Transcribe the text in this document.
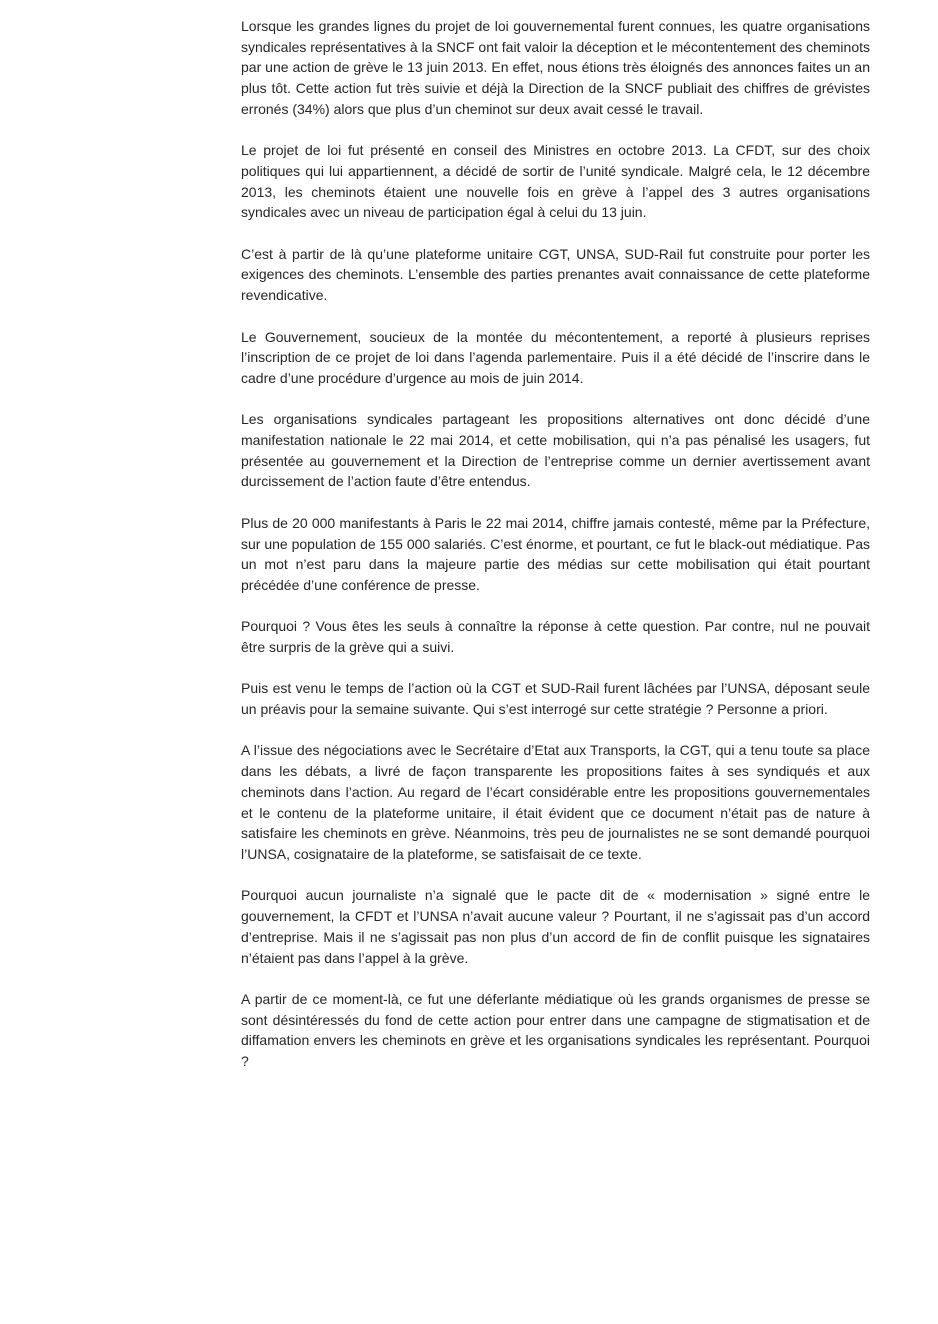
Lorsque les grandes lignes du projet de loi gouvernemental furent connues, les quatre organisations syndicales représentatives à la SNCF ont fait valoir la déception et le mécontentement des cheminots par une action de grève le 13 juin 2013. En effet, nous étions très éloignés des annonces faites un an plus tôt. Cette action fut très suivie et déjà la Direction de la SNCF publiait des chiffres de grévistes erronés (34%) alors que plus d’un cheminot sur deux avait cessé le travail.

Le projet de loi fut présenté en conseil des Ministres en octobre 2013. La CFDT, sur des choix politiques qui lui appartiennent, a décidé de sortir de l’unité syndicale. Malgré cela, le 12 décembre 2013, les cheminots étaient une nouvelle fois en grève à l’appel des 3 autres organisations syndicales avec un niveau de participation égal à celui du 13 juin.

C’est à partir de là qu’une plateforme unitaire CGT, UNSA, SUD-Rail fut construite pour porter les exigences des cheminots. L’ensemble des parties prenantes avait connaissance de cette plateforme revendicative.

Le Gouvernement, soucieux de la montée du mécontentement, a reporté à plusieurs reprises l’inscription de ce projet de loi dans l’agenda parlementaire. Puis il a été décidé de l’inscrire dans le cadre d’une procédure d’urgence au mois de juin 2014.

Les organisations syndicales partageant les propositions alternatives ont donc décidé d’une manifestation nationale le 22 mai 2014, et cette mobilisation, qui n’a pas pénalisé les usagers, fut présentée au gouvernement et la Direction de l’entreprise comme un dernier avertissement avant durcissement de l’action faute d’être entendus.

Plus de 20 000 manifestants à Paris le 22 mai 2014, chiffre jamais contesté, même par la Préfecture, sur une population de 155 000 salariés. C’est énorme, et pourtant, ce fut le black-out médiatique. Pas un mot n’est paru dans la majeure partie des médias sur cette mobilisation qui était pourtant précédée d’une conférence de presse.

Pourquoi ? Vous êtes les seuls à connaître la réponse à cette question. Par contre, nul ne pouvait être surpris de la grève qui a suivi.

Puis est venu le temps de l’action où la CGT et SUD-Rail furent lâchées par l’UNSA, déposant seule un préavis pour la semaine suivante. Qui s’est interrogé sur cette stratégie ? Personne a priori.

A l’issue des négociations avec le Secrétaire d’Etat aux Transports, la CGT, qui a tenu toute sa place dans les débats, a livré de façon transparente les propositions faites à ses syndiqués et aux cheminots dans l’action. Au regard de l’écart considérable entre les propositions gouvernementales et le contenu de la plateforme unitaire, il était évident que ce document n’était pas de nature à satisfaire les cheminots en grève. Néanmoins, très peu de journalistes ne se sont demandé pourquoi l’UNSA, cosignataire de la plateforme, se satisfaisait de ce texte.

Pourquoi aucun journaliste n’a signalé que le pacte dit de « modernisation » signé entre le gouvernement, la CFDT et l’UNSA n’avait aucune valeur ? Pourtant, il ne s’agissait pas d’un accord d’entreprise. Mais il ne s’agissait pas non plus d’un accord de fin de conflit puisque les signataires n’étaient pas dans l’appel à la grève.

A partir de ce moment-là, ce fut une déferlante médiatique où les grands organismes de presse se sont désintéressés du fond de cette action pour entrer dans une campagne de stigmatisation et de diffamation envers les cheminots en grève et les organisations syndicales les représentant. Pourquoi ?
